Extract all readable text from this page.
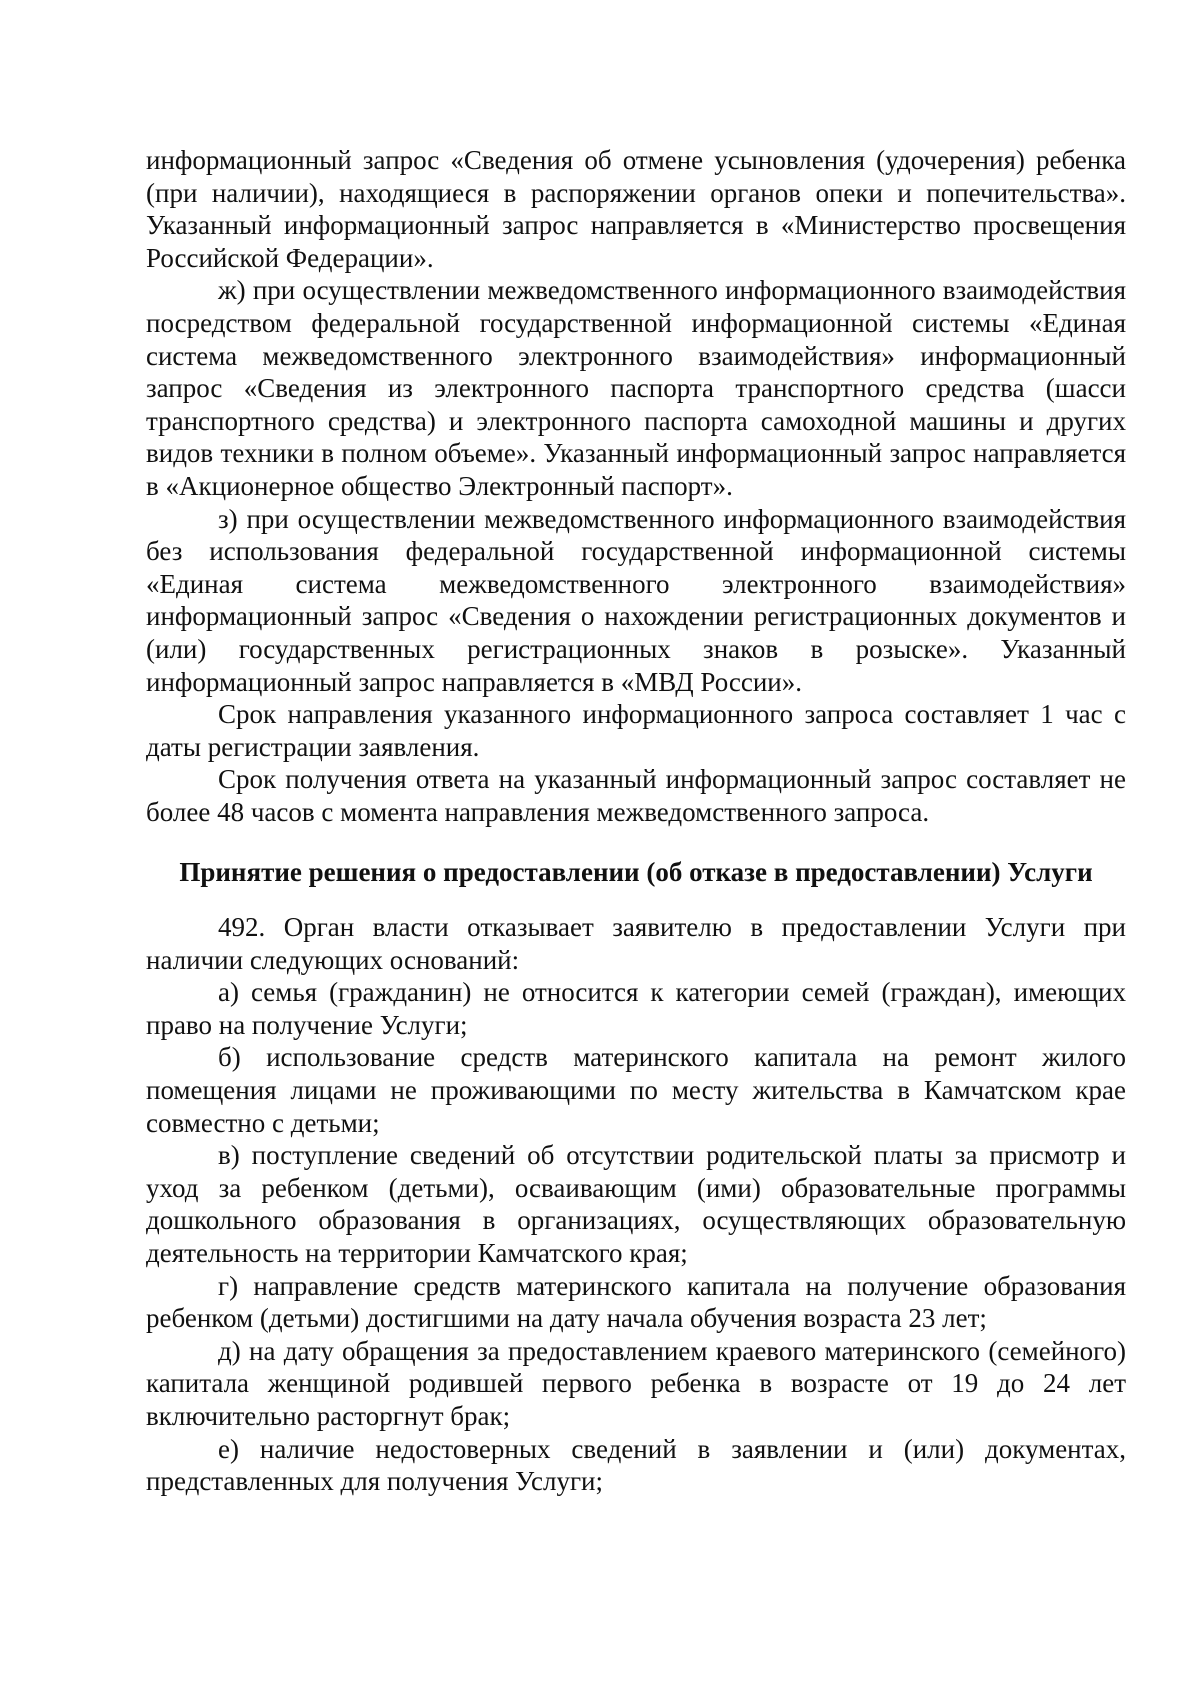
информационный запрос «Сведения об отмене усыновления (удочерения) ребенка (при наличии), находящиеся в распоряжении органов опеки и попечительства». Указанный информационный запрос направляется в «Министерство просвещения Российской Федерации».

ж) при осуществлении межведомственного информационного взаимодействия посредством федеральной государственной информационной системы «Единая система межведомственного электронного взаимодействия» информационный запрос «Сведения из электронного паспорта транспортного средства (шасси транспортного средства) и электронного паспорта самоходной машины и других видов техники в полном объеме». Указанный информационный запрос направляется в «Акционерное общество Электронный паспорт».

з) при осуществлении межведомственного информационного взаимодействия без использования федеральной государственной информационной системы «Единая система межведомственного электронного взаимодействия» информационный запрос «Сведения о нахождении регистрационных документов и (или) государственных регистрационных знаков в розыске». Указанный информационный запрос направляется в «МВД России».

Срок направления указанного информационного запроса составляет 1 час с даты регистрации заявления.

Срок получения ответа на указанный информационный запрос составляет не более 48 часов с момента направления межведомственного запроса.

Принятие решения о предоставлении (об отказе в предоставлении) Услуги

492. Орган власти отказывает заявителю в предоставлении Услуги при наличии следующих оснований:

а) семья (гражданин) не относится к категории семей (граждан), имеющих право на получение Услуги;

б) использование средств материнского капитала на ремонт жилого помещения лицами не проживающими по месту жительства в Камчатском крае совместно с детьми;

в) поступление сведений об отсутствии родительской платы за присмотр и уход за ребенком (детьми), осваивающим (ими) образовательные программы дошкольного образования в организациях, осуществляющих образовательную деятельность на территории Камчатского края;

г) направление средств материнского капитала на получение образования ребенком (детьми) достигшими на дату начала обучения возраста 23 лет;

д) на дату обращения за предоставлением краевого материнского (семейного) капитала женщиной родившей первого ребенка в возрасте от 19 до 24 лет включительно расторгнут брак;

е) наличие недостоверных сведений в заявлении и (или) документах, представленных для получения Услуги;
